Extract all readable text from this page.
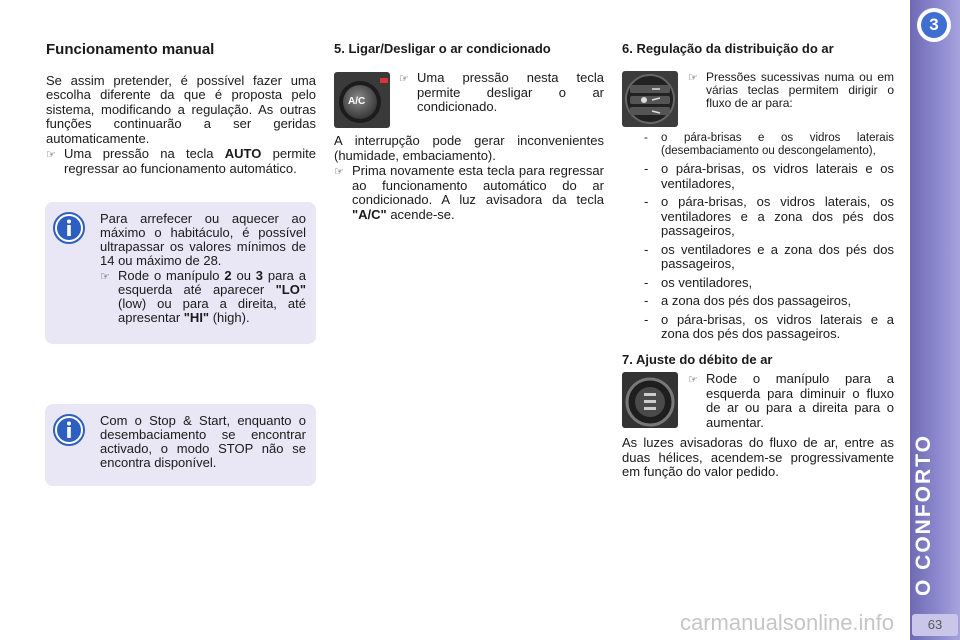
Funcionamento manual

Se assim pretender, é possível fazer uma escolha diferente da que é proposta pelo sistema, modificando a regulação. As outras funções continuarão a ser geridas automaticamente.

☞ Uma pressão na tecla AUTO permite regressar ao funcionamento automático.

Para arrefecer ou aquecer ao máximo o habitáculo, é possível ultrapassar os valores mínimos de 14 ou máximo de 28.

☞ Rode o manípulo 2 ou 3 para a esquerda até aparecer "LO" (low) ou para a direita, até apresentar "HI" (high).

Com o Stop & Start, enquanto o desembaciamento se encontrar activado, o modo STOP não se encontra disponível.

5. Ligar/Desligar o ar condicionado
A/C
☞ Uma pressão nesta tecla permite desligar o ar condicionado.

A interrupção pode gerar inconvenientes (humidade, embaciamento).

☞ Prima novamente esta tecla para regressar ao funcionamento automático do ar condicionado. A luz avisadora da tecla "A/C" acende-se.
6. Regulação da distribuição do ar
☞ Pressões sucessivas numa ou em várias teclas permitem dirigir o fluxo de ar para:
-	o pára-brisas e os vidros laterais (desembaciamento ou descongelamento),
- o pára-brisas, os vidros laterais e os ventiladores,
- o pára-brisas, os vidros laterais, os ventiladores e a zona dos pés dos passageiros,
- os ventiladores e a zona dos pés dos passageiros,
- os ventiladores,
- a zona dos pés dos passageiros,
- o pára-brisas, os vidros laterais e a zona dos pés dos passageiros.
7. Ajuste do débito de ar
☞ Rode o manípulo para a esquerda para diminuir o fluxo de ar ou para a direita para o aumentar.

As luzes avisadoras do fluxo de ar, entre as duas hélices, acendem-se progressivamente em função do valor pedido.

3
O CONFORTO
63
carmanualsonline.info
